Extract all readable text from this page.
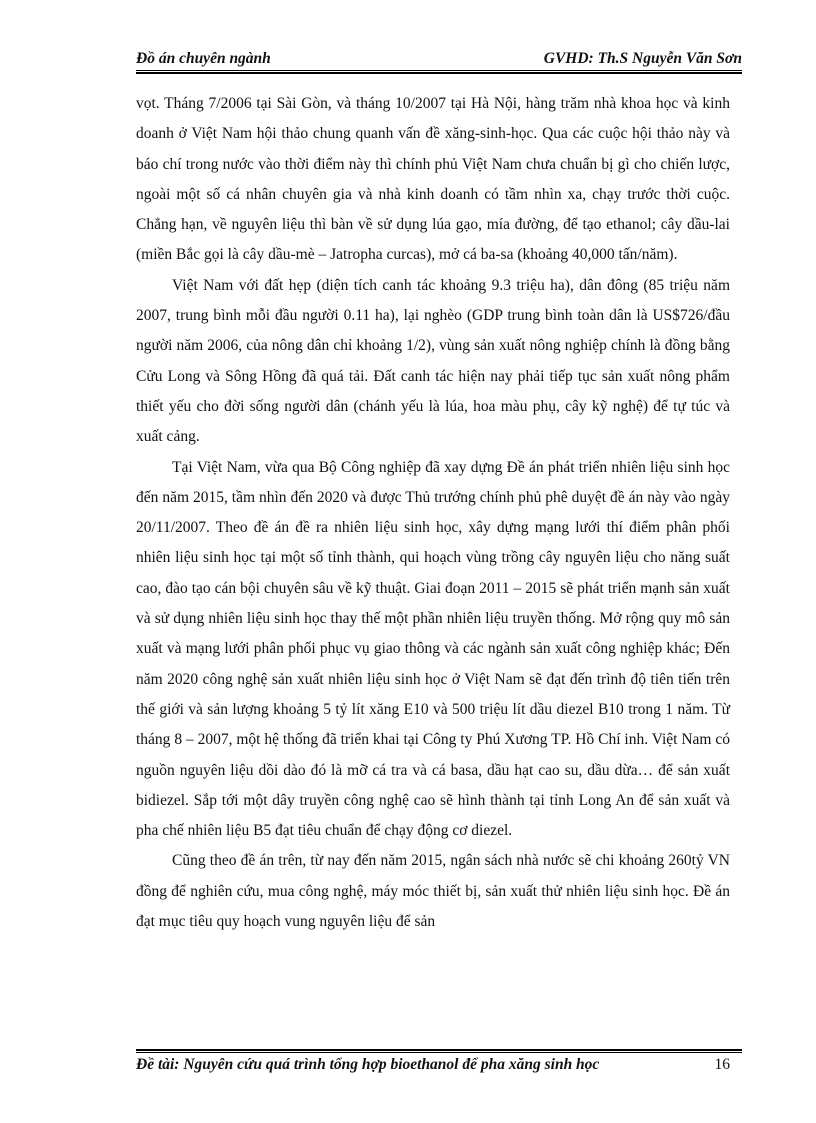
Đồ án chuyên ngành	GVHD: Th.S Nguyễn Văn Sơn

vọt. Tháng 7/2006 tại Sài Gòn, và tháng 10/2007 tại Hà Nội, hàng trăm nhà khoa học và kinh doanh ở Việt Nam hội thảo chung quanh vấn đề xăng-sinh-học. Qua các cuộc hội thảo này và báo chí trong nước vào thời điểm này thì chính phủ Việt Nam chưa chuẩn bị gì cho chiến lược, ngoài một số cá nhân chuyên gia và nhà kinh doanh có tầm nhìn xa, chạy trước thời cuộc. Chẳng hạn, về nguyên liệu thì bàn về sử dụng lúa gạo, mía đường, để tạo ethanol; cây dầu-lai (miền Bắc gọi là cây dầu-mè – Jatropha curcas), mở cá ba-sa (khoảng 40,000 tấn/năm).

Việt Nam với đất hẹp (diện tích canh tác khoảng 9.3 triệu ha), dân đông (85 triệu năm 2007, trung bình mỗi đầu người 0.11 ha), lại nghèo (GDP trung bình toàn dân là US$726/đầu người năm 2006, của nông dân chỉ khoảng 1/2), vùng sản xuất nông nghiệp chính là đồng bằng Cửu Long và Sông Hồng đã quá tải. Đất canh tác hiện nay phải tiếp tục sản xuất nông phẩm thiết yếu cho đời sống người dân (chánh yếu là lúa, hoa màu phụ, cây kỹ nghệ) để tự túc và xuất cảng.

Tại Việt Nam, vừa qua Bộ Công nghiệp đã xay dựng Đề án phát triển nhiên liệu sinh học đến năm 2015, tầm nhìn đến 2020 và được Thủ trướng chính phủ phê duyệt đề án này vào ngày 20/11/2007. Theo đề án đề ra nhiên liệu sinh học, xây dựng mạng lưới thí điểm phân phối nhiên liệu sinh học tại một số tỉnh thành, qui hoạch vùng trồng cây nguyên liệu cho năng suất cao, đào tạo cán bội chuyên sâu về kỹ thuật. Giai đoạn 2011 – 2015 sẽ phát triển mạnh sản xuất và sử dụng nhiên liệu sinh học thay thế một phần nhiên liệu truyền thống. Mở rộng quy mô sản xuất và mạng lưới phân phối phục vụ giao thông và các ngành sản xuất công nghiệp khác; Đến năm 2020 công nghệ sản xuất nhiên liệu sinh học ở Việt Nam sẽ đạt đến trình độ tiên tiến trên thế giới và sản lượng khoảng 5 tỷ lít xăng E10 và 500 triệu lít dầu diezel B10 trong 1 năm. Từ tháng 8 – 2007, một hệ thống đã triển khai tại Công ty Phú Xương TP. Hồ Chí inh. Việt Nam có nguồn nguyên liệu dồi dào đó là mỡ cá tra và cá basa, dầu hạt cao su, dầu dừa… để sản xuất bidiezel. Sắp tới một dây truyền công nghệ cao sẽ hình thành tại tỉnh Long An để sản xuất và pha chế nhiên liệu B5 đạt tiêu chuẩn để chạy động cơ diezel.

Cũng theo đề án trên, từ nay đến năm 2015, ngân sách nhà nước sẽ chi khoảng 260tỷ VN đồng để nghiên cứu, mua công nghệ, máy móc thiết bị, sản xuất thử nhiên liệu sinh học. Đề án đạt mục tiêu quy hoạch vung nguyên liệu để sản

Đề tài: Nguyên cứu quá trình tổng hợp bioethanol để pha xăng sinh học	16
